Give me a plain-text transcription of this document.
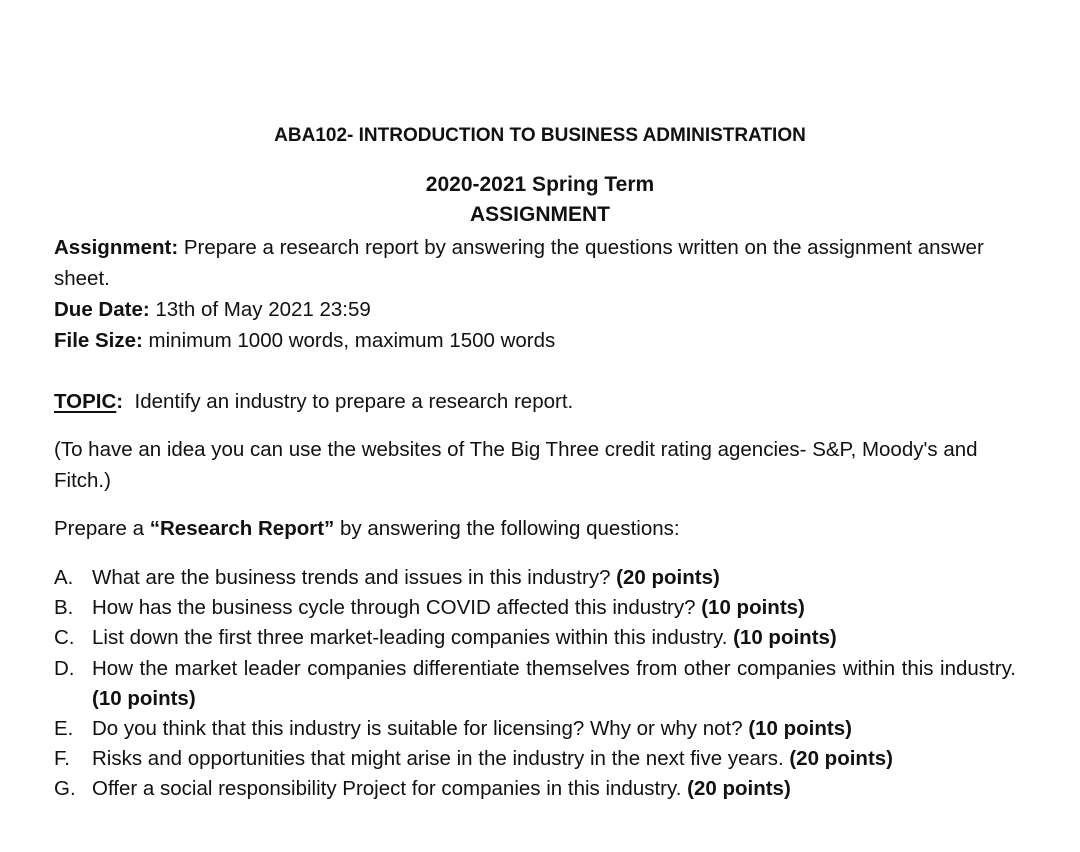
ABA102- INTRODUCTION TO BUSINESS ADMINISTRATION
2020-2021 Spring Term
ASSIGNMENT
Assignment: Prepare a research report by answering the questions written on the assignment answer sheet.
Due Date: 13th of May 2021 23:59
File Size: minimum 1000 words, maximum 1500 words
TOPIC:  Identify an industry to prepare a research report.
(To have an idea you can use the websites of The Big Three credit rating agencies- S&P, Moody's and Fitch.)
Prepare a “Research Report” by answering the following questions:
A. What are the business trends and issues in this industry? (20 points)
B. How has the business cycle through COVID affected this industry? (10 points)
C. List down the first three market-leading companies within this industry. (10 points)
D. How the market leader companies differentiate themselves from other companies within this industry. (10 points)
E. Do you think that this industry is suitable for licensing? Why or why not? (10 points)
F.	Risks and opportunities that might arise in the industry in the next five years. (20 points)
G. Offer a social responsibility Project for companies in this industry. (20 points)
